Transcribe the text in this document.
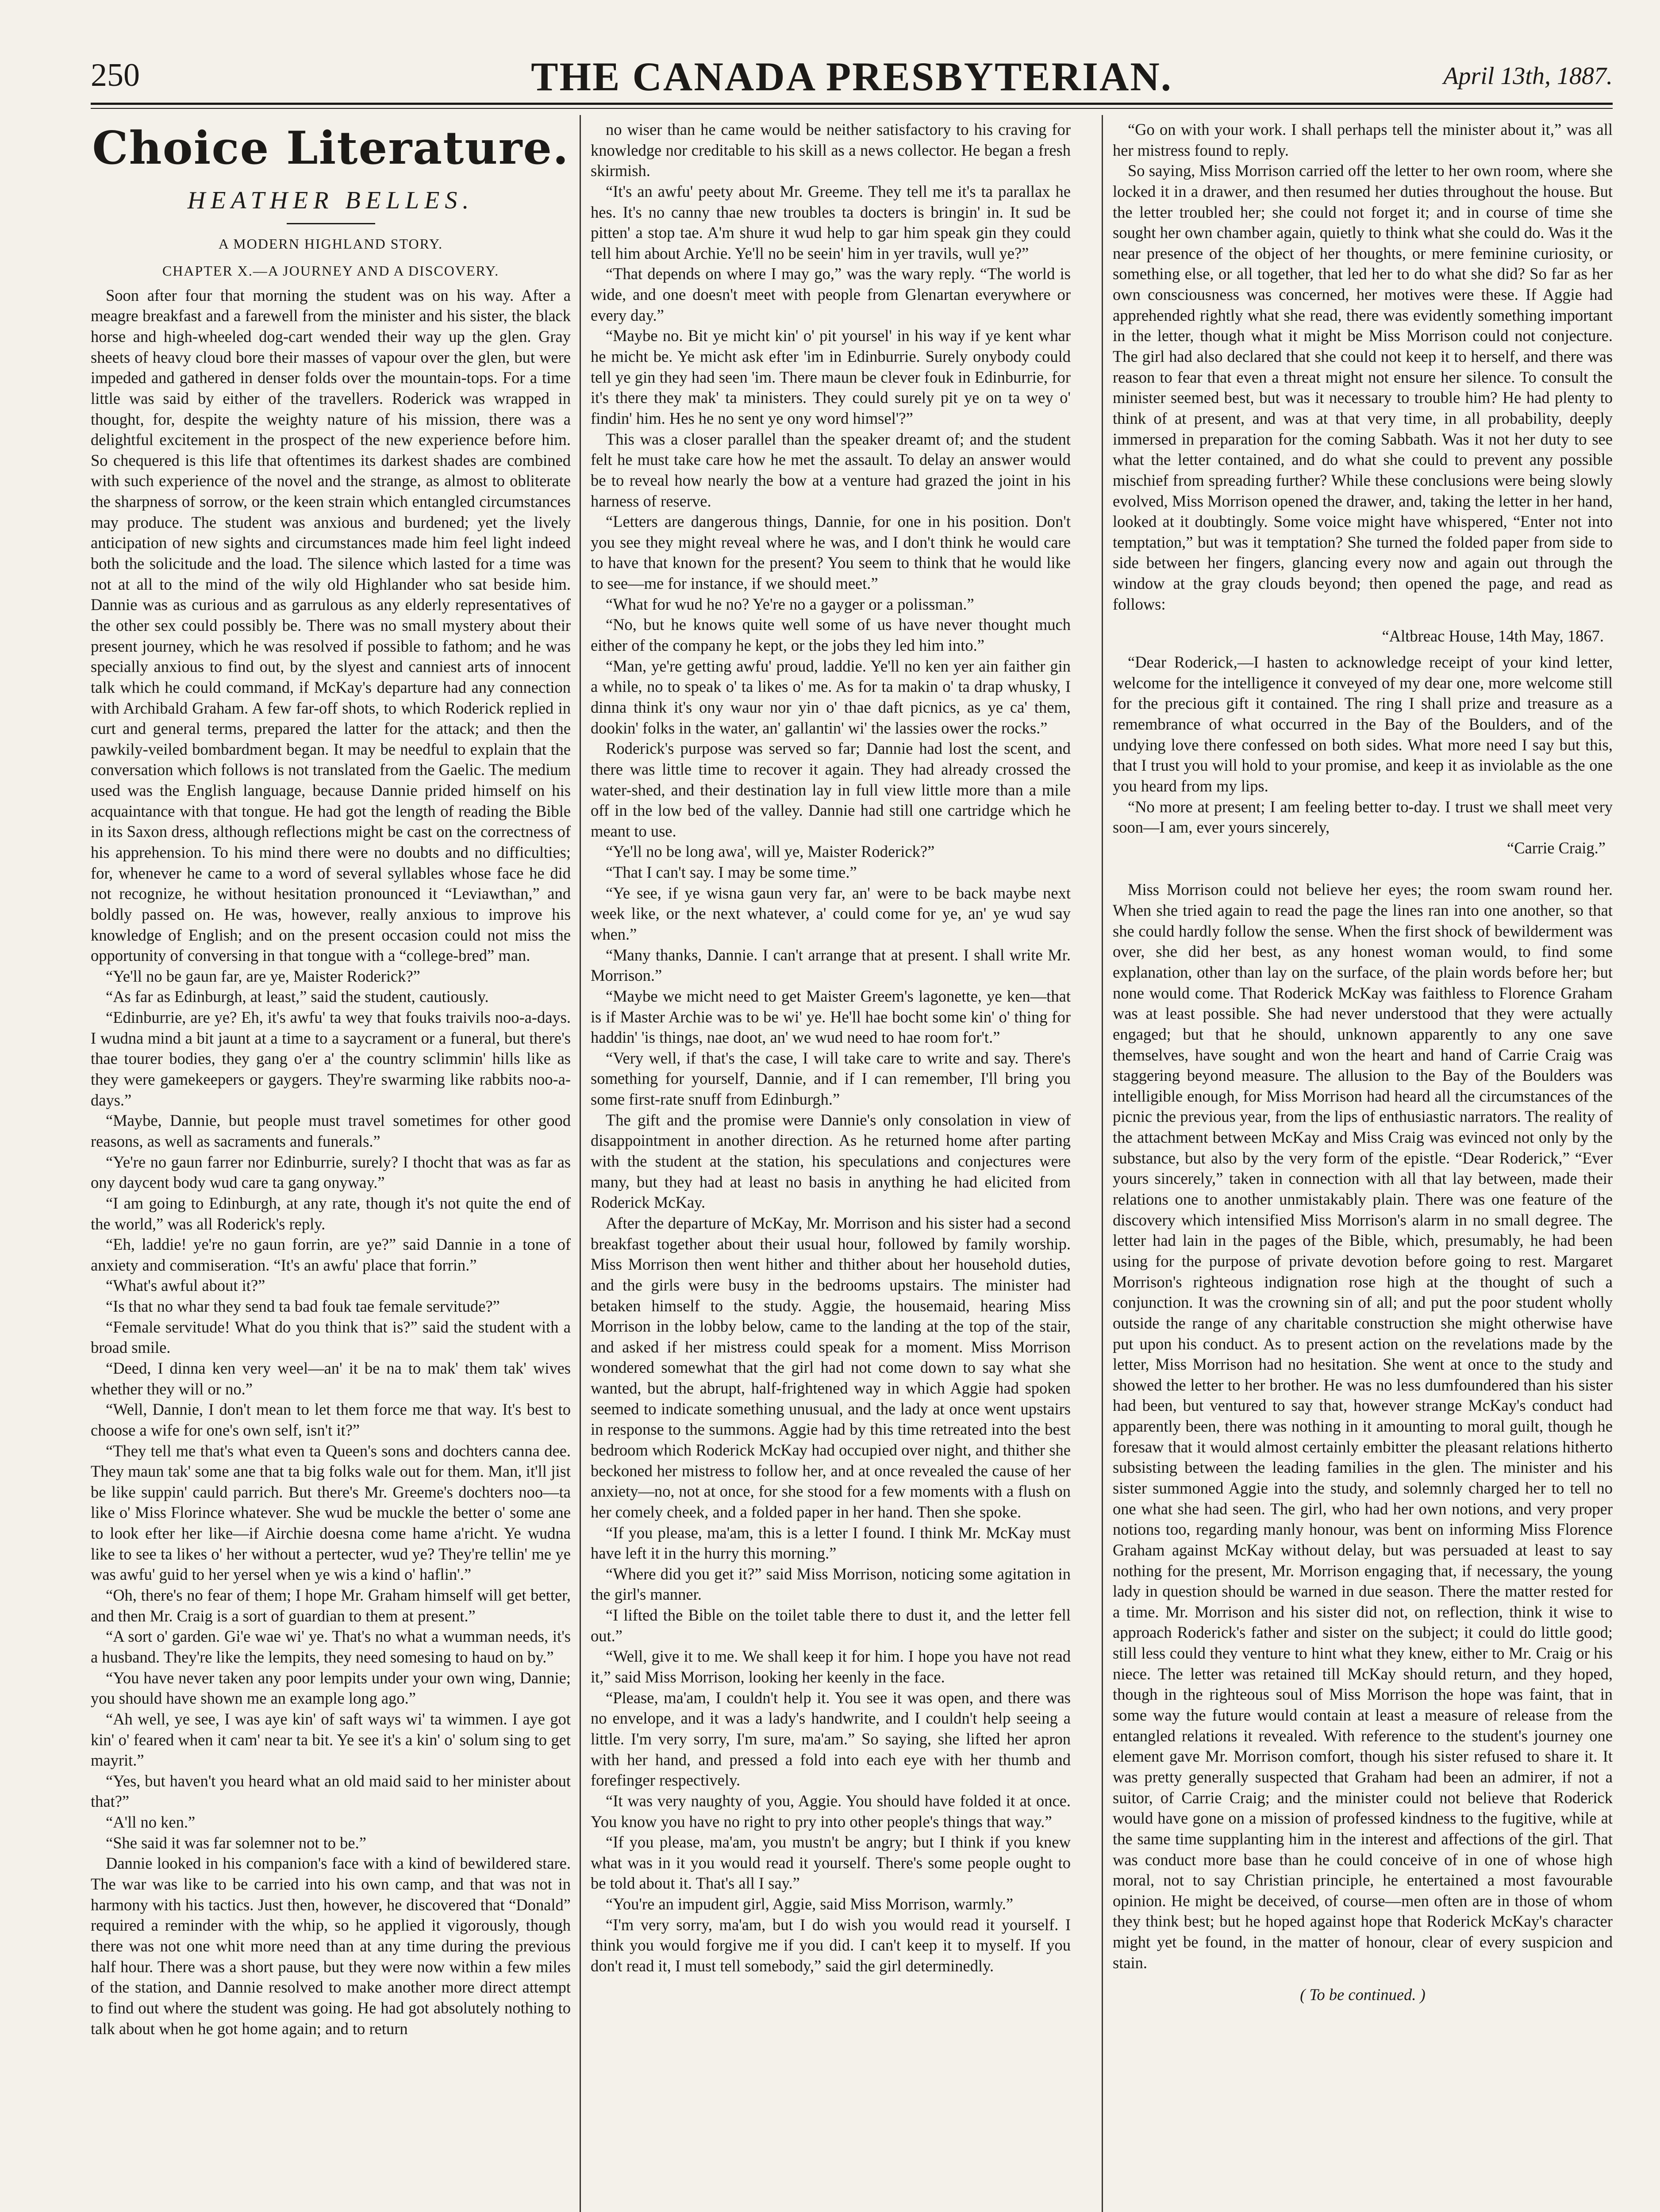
250	THE CANADA PRESBYTERIAN.	April 13th, 1887.
Choice Literature.

HEATHER BELLES.

A MODERN HIGHLAND STORY.

CHAPTER X.—A JOURNEY AND A DISCOVERY.

Soon after four that morning the student was on his way. After a meagre breakfast and a farewell from the minister and his sister, the black horse and high-wheeled dog-cart wended their way up the glen. Gray sheets of heavy cloud bore their masses of vapour over the glen, but were impeded and gathered in denser folds over the mountain-tops. For a time little was said by either of the travellers. Roderick was wrapped in thought, for, despite the weighty nature of his mission, there was a delightful excitement in the prospect of the new experience before him. So chequered is this life that oftentimes its darkest shades are combined with such experience of the novel and the strange, as almost to obliterate the sharpness of sorrow, or the keen strain which entangled circumstances may produce. The student was anxious and burdened; yet the lively anticipation of new sights and circumstances made him feel light indeed both the solicitude and the load. The silence which lasted for a time was not at all to the mind of the wily old Highlander who sat beside him. Dannie was as curious and as garrulous as any elderly representatives of the other sex could possibly be. There was no small mystery about their present journey, which he was resolved if possible to fathom; and he was specially anxious to find out, by the slyest and canniest arts of innocent talk which he could command, if McKay's departure had any connection with Archibald Graham. A few far-off shots, to which Roderick replied in curt and general terms, prepared the latter for the attack; and then the pawkily-veiled bombardment began. It may be needful to explain that the conversation which follows is not translated from the Gaelic. The medium used was the English language, because Dannie prided himself on his acquaintance with that tongue. He had got the length of reading the Bible in its Saxon dress, although reflections might be cast on the correctness of his apprehension. To his mind there were no doubts and no difficulties; for, whenever he came to a word of several syllables whose face he did not recognize, he without hesitation pronounced it “Leviawthan,” and boldly passed on. He was, however, really anxious to improve his knowledge of English; and on the present occasion could not miss the opportunity of conversing in that tongue with a “college-bred” man.

“Ye'll no be gaun far, are ye, Maister Roderick?”

“As far as Edinburgh, at least,” said the student, cautiously.

“Edinburrie, are ye? Eh, it's awfu' ta wey that fouks traivils noo-a-days. I wudna mind a bit jaunt at a time to a saycrament or a funeral, but there's thae tourer bodies, they gang o'er a' the country sclimmin' hills like as they were gamekeepers or gaygers. They're swarming like rabbits noo-a-days.”

“Maybe, Dannie, but people must travel sometimes for other good reasons, as well as sacraments and funerals.”

“Ye're no gaun farrer nor Edinburrie, surely? I thocht that was as far as ony daycent body wud care ta gang onyway.”

“I am going to Edinburgh, at any rate, though it's not quite the end of the world,” was all Roderick's reply.

“Eh, laddie! ye're no gaun forrin, are ye?” said Dannie in a tone of anxiety and commiseration. “It's an awfu' place that forrin.”

“What's awful about it?”

“Is that no whar they send ta bad fouk tae female servitude?”

“Female servitude! What do you think that is?” said the student with a broad smile.

“Deed, I dinna ken very weel—an' it be na to mak' them tak' wives whether they will or no.”

“Well, Dannie, I don't mean to let them force me that way. It's best to choose a wife for one's own self, isn't it?”

“They tell me that's what even ta Queen's sons and dochters canna dee. They maun tak' some ane that ta big folks wale out for them. Man, it'll jist be like suppin' cauld parrich. But there's Mr. Greeme's dochters noo—ta like o' Miss Florince whatever. She wud be muckle the better o' some ane to look efter her like—if Airchie doesna come hame a'richt. Ye wudna like to see ta likes o' her without a pertecter, wud ye? They're tellin' me ye was awfu' guid to her yersel when ye wis a kind o' haflin'.”

“Oh, there's no fear of them; I hope Mr. Graham himself will get better, and then Mr. Craig is a sort of guardian to them at present.”

“A sort o' garden. Gi'e wae wi' ye. That's no what a wumman needs, it's a husband. They're like the lempits, they need somesing to haud on by.”

“You have never taken any poor lempits under your own wing, Dannie; you should have shown me an example long ago.”

“Ah well, ye see, I was aye kin' of saft ways wi' ta wimmen. I aye got kin' o' feared when it cam' near ta bit. Ye see it's a kin' o' solum sing to get mayrit.”

“Yes, but haven't you heard what an old maid said to her minister about that?”

“A'll no ken.”

“She said it was far solemner not to be.”

Dannie looked in his companion's face with a kind of bewildered stare. The war was like to be carried into his own camp, and that was not in harmony with his tactics. Just then, however, he discovered that “Donald” required a reminder with the whip, so he applied it vigorously, though there was not one whit more need than at any time during the previous half hour. There was a short pause, but they were now within a few miles of the station, and Dannie resolved to make another more direct attempt to find out where the student was going. He had got absolutely nothing to talk about when he got home again; and to return

no wiser than he came would be neither satisfactory to his craving for knowledge nor creditable to his skill as a news collector. He began a fresh skirmish.

“It's an awfu' peety about Mr. Greeme. They tell me it's ta parallax he hes. It's no canny thae new troubles ta docters is bringin' in. It sud be pitten' a stop tae. A'm shure it wud help to gar him speak gin they could tell him about Archie. Ye'll no be seein' him in yer travils, wull ye?”

“That depends on where I may go,” was the wary reply. “The world is wide, and one doesn't meet with people from Glenartan everywhere or every day.”

“Maybe no. Bit ye micht kin' o' pit yoursel' in his way if ye kent whar he micht be. Ye micht ask efter 'im in Edinburrie. Surely onybody could tell ye gin they had seen 'im. There maun be clever fouk in Edinburrie, for it's there they mak' ta ministers. They could surely pit ye on ta wey o' findin' him. Hes he no sent ye ony word himsel'?”

This was a closer parallel than the speaker dreamt of; and the student felt he must take care how he met the assault. To delay an answer would be to reveal how nearly the bow at a venture had grazed the joint in his harness of reserve.

“Letters are dangerous things, Dannie, for one in his position. Don't you see they might reveal where he was, and I don't think he would care to have that known for the present? You seem to think that he would like to see—me for instance, if we should meet.”

“What for wud he no? Ye're no a gayger or a polissman.”

“No, but he knows quite well some of us have never thought much either of the company he kept, or the jobs they led him into.”

“Man, ye're getting awfu' proud, laddie. Ye'll no ken yer ain faither gin a while, no to speak o' ta likes o' me. As for ta makin o' ta drap whusky, I dinna think it's ony waur nor yin o' thae daft picnics, as ye ca' them, dookin' folks in the water, an' gallantin' wi' the lassies ower the rocks.”

Roderick's purpose was served so far; Dannie had lost the scent, and there was little time to recover it again. They had already crossed the water-shed, and their destination lay in full view little more than a mile off in the low bed of the valley. Dannie had still one cartridge which he meant to use.

“Ye'll no be long awa', will ye, Maister Roderick?”

“That I can't say. I may be some time.”

“Ye see, if ye wisna gaun very far, an' were to be back maybe next week like, or the next whatever, a' could come for ye, an' ye wud say when.”

“Many thanks, Dannie. I can't arrange that at present. I shall write Mr. Morrison.”

“Maybe we micht need to get Maister Greem's lagonette, ye ken—that is if Master Archie was to be wi' ye. He'll hae bocht some kin' o' thing for haddin' 'is things, nae doot, an' we wud need to hae room for't.”

“Very well, if that's the case, I will take care to write and say. There's something for yourself, Dannie, and if I can remember, I'll bring you some first-rate snuff from Edinburgh.”

The gift and the promise were Dannie's only consolation in view of disappointment in another direction. As he returned home after parting with the student at the station, his speculations and conjectures were many, but they had at least no basis in anything he had elicited from Roderick McKay.

After the departure of McKay, Mr. Morrison and his sister had a second breakfast together about their usual hour, followed by family worship. Miss Morrison then went hither and thither about her household duties, and the girls were busy in the bedrooms upstairs. The minister had betaken himself to the study. Aggie, the housemaid, hearing Miss Morrison in the lobby below, came to the landing at the top of the stair, and asked if her mistress could speak for a moment. Miss Morrison wondered somewhat that the girl had not come down to say what she wanted, but the abrupt, half-frightened way in which Aggie had spoken seemed to indicate something unusual, and the lady at once went upstairs in response to the summons. Aggie had by this time retreated into the best bedroom which Roderick McKay had occupied over night, and thither she beckoned her mistress to follow her, and at once revealed the cause of her anxiety—no, not at once, for she stood for a few moments with a flush on her comely cheek, and a folded paper in her hand. Then she spoke.

“If you please, ma'am, this is a letter I found. I think Mr. McKay must have left it in the hurry this morning.”

“Where did you get it?” said Miss Morrison, noticing some agitation in the girl's manner.

“I lifted the Bible on the toilet table there to dust it, and the letter fell out.”

“Well, give it to me. We shall keep it for him. I hope you have not read it,” said Miss Morrison, looking her keenly in the face.

“Please, ma'am, I couldn't help it. You see it was open, and there was no envelope, and it was a lady's handwrite, and I couldn't help seeing a little. I'm very sorry, I'm sure, ma'am.” So saying, she lifted her apron with her hand, and pressed a fold into each eye with her thumb and forefinger respectively.

“It was very naughty of you, Aggie. You should have folded it at once. You know you have no right to pry into other people's things that way.”

“If you please, ma'am, you mustn't be angry; but I think if you knew what was in it you would read it yourself. There's some people ought to be told about it. That's all I say.”

“You're an impudent girl, Aggie, said Miss Morrison, warmly.”

“I'm very sorry, ma'am, but I do wish you would read it yourself. I think you would forgive me if you did. I can't keep it to myself. If you don't read it, I must tell somebody,” said the girl determinedly.

“Go on with your work. I shall perhaps tell the minister about it,” was all her mistress found to reply.

So saying, Miss Morrison carried off the letter to her own room, where she locked it in a drawer, and then resumed her duties throughout the house. But the letter troubled her; she could not forget it; and in course of time she sought her own chamber again, quietly to think what she could do. Was it the near presence of the object of her thoughts, or mere feminine curiosity, or something else, or all together, that led her to do what she did? So far as her own consciousness was concerned, her motives were these. If Aggie had apprehended rightly what she read, there was evidently something important in the letter, though what it might be Miss Morrison could not conjecture. The girl had also declared that she could not keep it to herself, and there was reason to fear that even a threat might not ensure her silence. To consult the minister seemed best, but was it necessary to trouble him? He had plenty to think of at present, and was at that very time, in all probability, deeply immersed in preparation for the coming Sabbath. Was it not her duty to see what the letter contained, and do what she could to prevent any possible mischief from spreading further? While these conclusions were being slowly evolved, Miss Morrison opened the drawer, and, taking the letter in her hand, looked at it doubtingly. Some voice might have whispered, “Enter not into temptation,” but was it temptation? She turned the folded paper from side to side between her fingers, glancing every now and again out through the window at the gray clouds beyond; then opened the page, and read as follows:

“Altbreac House, 14th May, 1867.

“Dear Roderick,—I hasten to acknowledge receipt of your kind letter, welcome for the intelligence it conveyed of my dear one, more welcome still for the precious gift it contained. The ring I shall prize and treasure as a remembrance of what occurred in the Bay of the Boulders, and of the undying love there confessed on both sides. What more need I say but this, that I trust you will hold to your promise, and keep it as inviolable as the one you heard from my lips.

“No more at present; I am feeling better to-day. I trust we shall meet very soon—I am, ever yours sincerely,

“Carrie Craig.”

Miss Morrison could not believe her eyes; the room swam round her. When she tried again to read the page the lines ran into one another, so that she could hardly follow the sense. When the first shock of bewilderment was over, she did her best, as any honest woman would, to find some explanation, other than lay on the surface, of the plain words before her; but none would come. That Roderick McKay was faithless to Florence Graham was at least possible. She had never understood that they were actually engaged; but that he should, unknown apparently to any one save themselves, have sought and won the heart and hand of Carrie Craig was staggering beyond measure. The allusion to the Bay of the Boulders was intelligible enough, for Miss Morrison had heard all the circumstances of the picnic the previous year, from the lips of enthusiastic narrators. The reality of the attachment between McKay and Miss Craig was evinced not only by the substance, but also by the very form of the epistle. “Dear Roderick,” “Ever yours sincerely,” taken in connection with all that lay between, made their relations one to another unmistakably plain. There was one feature of the discovery which intensified Miss Morrison's alarm in no small degree. The letter had lain in the pages of the Bible, which, presumably, he had been using for the purpose of private devotion before going to rest. Margaret Morrison's righteous indignation rose high at the thought of such a conjunction. It was the crowning sin of all; and put the poor student wholly outside the range of any charitable construction she might otherwise have put upon his conduct. As to present action on the revelations made by the letter, Miss Morrison had no hesitation. She went at once to the study and showed the letter to her brother. He was no less dumfoundered than his sister had been, but ventured to say that, however strange McKay's conduct had apparently been, there was nothing in it amounting to moral guilt, though he foresaw that it would almost certainly embitter the pleasant relations hitherto subsisting between the leading families in the glen. The minister and his sister summoned Aggie into the study, and solemnly charged her to tell no one what she had seen. The girl, who had her own notions, and very proper notions too, regarding manly honour, was bent on informing Miss Florence Graham against McKay without delay, but was persuaded at least to say nothing for the present, Mr. Morrison engaging that, if necessary, the young lady in question should be warned in due season. There the matter rested for a time. Mr. Morrison and his sister did not, on reflection, think it wise to approach Roderick's father and sister on the subject; it could do little good; still less could they venture to hint what they knew, either to Mr. Craig or his niece. The letter was retained till McKay should return, and they hoped, though in the righteous soul of Miss Morrison the hope was faint, that in some way the future would contain at least a measure of release from the entangled relations it revealed. With reference to the student's journey one element gave Mr. Morrison comfort, though his sister refused to share it. It was pretty generally suspected that Graham had been an admirer, if not a suitor, of Carrie Craig; and the minister could not believe that Roderick would have gone on a mission of professed kindness to the fugitive, while at the same time supplanting him in the interest and affections of the girl. That was conduct more base than he could conceive of in one of whose high moral, not to say Christian principle, he entertained a most favourable opinion. He might be deceived, of course—men often are in those of whom they think best; but he hoped against hope that Roderick McKay's character might yet be found, in the matter of honour, clear of every suspicion and stain.

( To be continued. )
